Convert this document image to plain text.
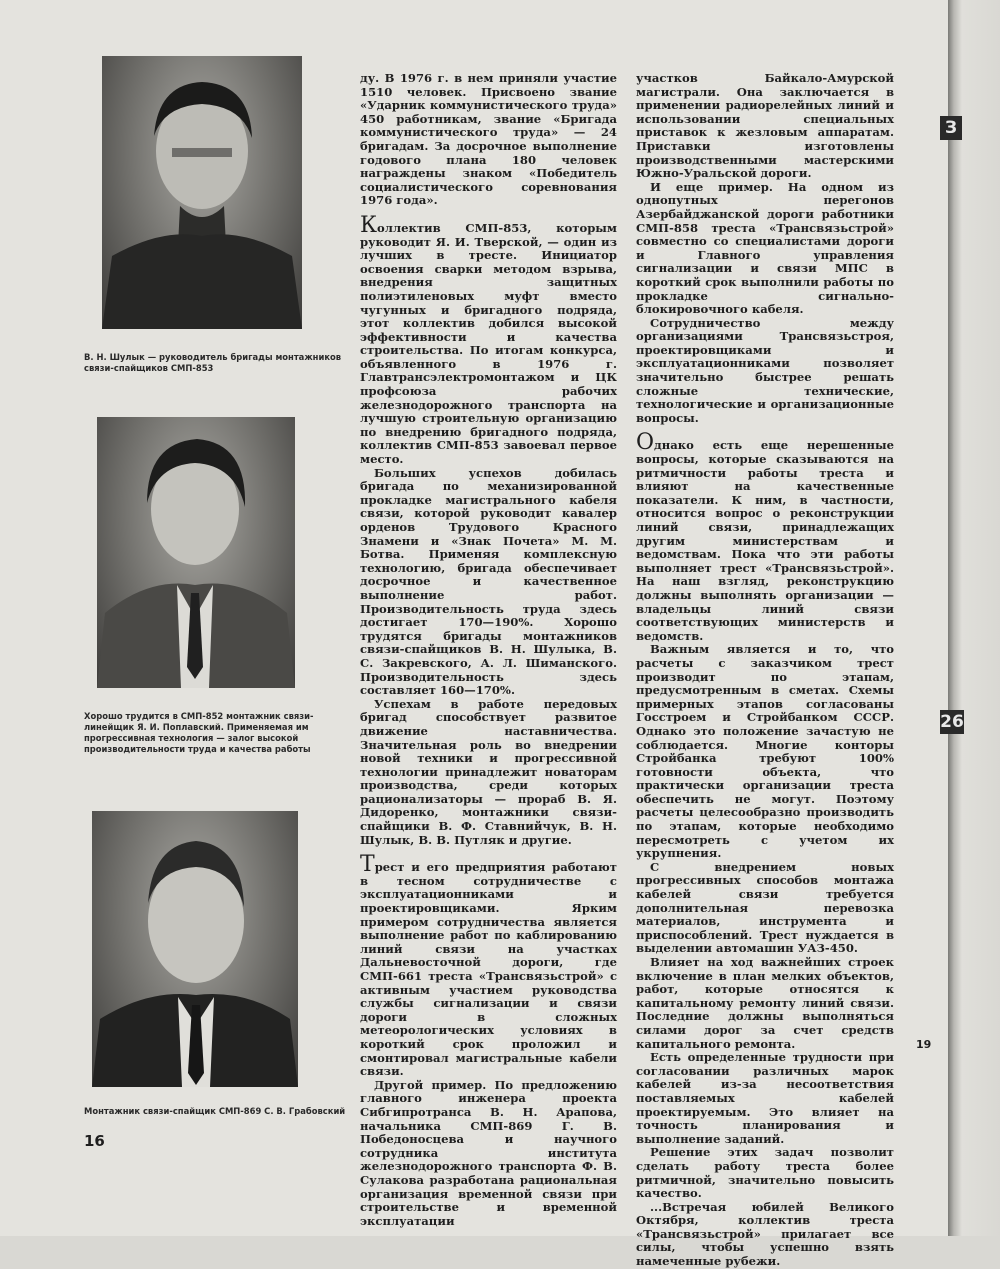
В. Н. Шулык — руководитель бригады монтажников связи-спайщиков СМП-853

Хорошо трудится в СМП-852 монтажник связи-линейщик Я. И. Поплавский. Применяемая им прогрессивная технология — залог высокой производительности труда и качества работы

Монтажник связи-спайщик СМП-869 С. В. Грабовский

16

ду. В 1976 г. в нем приняли участие 1510 человек. Присвоено звание «Ударник коммунистического труда» 450 работникам, звание «Бригада коммунистического труда» — 24 бригадам. За досрочное выполнение годового плана 180 человек награждены знаком «Победитель социалистического соревнования 1976 года».

Коллектив СМП-853, которым руководит Я. И. Тверской, — один из лучших в тресте. Инициатор освоения сварки методом взрыва, внедрения защитных полиэтиленовых муфт вместо чугунных и бригадного подряда, этот коллектив добился высокой эффективности и качества строительства. По итогам конкурса, объявленного в 1976 г. Главтрансэлектромонтажом и ЦК профсоюза рабочих железнодорожного транспорта на лучшую строительную организацию по внедрению бригадного подряда, коллектив СМП-853 завоевал первое место.

Больших успехов добилась бригада по механизированной прокладке магистрального кабеля связи, которой руководит кавалер орденов Трудового Красного Знамени и «Знак Почета» М. М. Ботва. Применяя комплексную технологию, бригада обеспечивает досрочное и качественное выполнение работ. Производительность труда здесь достигает 170—190%. Хорошо трудятся бригады монтажников связи-спайщиков В. Н. Шулыка, В. С. Закревского, А. Л. Шиманского. Производительность здесь составляет 160—170%.

Успехам в работе передовых бригад способствует развитое движение наставничества. Значительная роль во внедрении новой техники и прогрессивной технологии принадлежит новаторам производства, среди которых рационализаторы — прораб В. Я. Дидоренко, монтажники связи-спайщики В. Ф. Ставнийчук, В. Н. Шулык, В. В. Путляк и другие.

Трест и его предприятия работают в тесном сотрудничестве с эксплуатационниками и проектировщиками. Ярким примером сотрудничества является выполнение работ по каблированию линий связи на участках Дальневосточной дороги, где СМП-661 треста «Трансвязьстрой» с активным участием руководства службы сигнализации и связи дороги в сложных метеорологических условиях в короткий срок проложил и смонтировал магистральные кабели связи.

Другой пример. По предложению главного инженера проекта Сибгипротранса В. Н. Арапова, начальника СМП-869 Г. В. Победоносцева и научного сотрудника института железнодорожного транспорта Ф. В. Сулакова разработана рациональная организация временной связи при строительстве и временной эксплуатации

участков Байкало-Амурской магистрали. Она заключается в применении радиорелейных линий и использовании специальных приставок к жезловым аппаратам. Приставки изготовлены производственными мастерскими Южно-Уральской дороги.

И еще пример. На одном из однопутных перегонов Азербайджанской дороги работники СМП-858 треста «Трансвязьстрой» совместно со специалистами дороги и Главного управления сигнализации и связи МПС в короткий срок выполнили работы по прокладке сигнально-блокировочного кабеля.

Сотрудничество между организациями Трансвязьстроя, проектировщиками и эксплуатационниками позволяет значительно быстрее решать сложные технические, технологические и организационные вопросы.

Однако есть еще нерешенные вопросы, которые сказываются на ритмичности работы треста и влияют на качественные показатели. К ним, в частности, относится вопрос о реконструкции линий связи, принадлежащих другим министерствам и ведомствам. Пока что эти работы выполняет трест «Трансвязьстрой». На наш взгляд, реконструкцию должны выполнять организации — владельцы линий связи соответствующих министерств и ведомств.

Важным является и то, что расчеты с заказчиком трест производит по этапам, предусмотренным в сметах. Схемы примерных этапов согласованы Госстроем и Стройбанком СССР. Однако это положение зачастую не соблюдается. Многие конторы Стройбанка требуют 100% готовности объекта, что практически организации треста обеспечить не могут. Поэтому расчеты целесообразно производить по этапам, которые необходимо пересмотреть с учетом их укрупнения.

С внедрением новых прогрессивных способов монтажа кабелей связи требуется дополнительная перевозка материалов, инструмента и приспособлений. Трест нуждается в выделении автомашин УАЗ-450.

Влияет на ход важнейших строек включение в план мелких объектов, работ, которые относятся к капитальному ремонту линий связи. Последние должны выполняться силами дорог за счет средств капитального ремонта.

Есть определенные трудности при согласовании различных марок кабелей из-за несоответствия поставляемых кабелей проектируемым. Это влияет на точность планирования и выполнение заданий.

Решение этих задач позволит сделать работу треста более ритмичной, значительно повысить качество.

...Встречая юбилей Великого Октября, коллектив треста «Трансвязьстрой» прилагает все силы, чтобы успешно взять намеченные рубежи.

З
26
19
